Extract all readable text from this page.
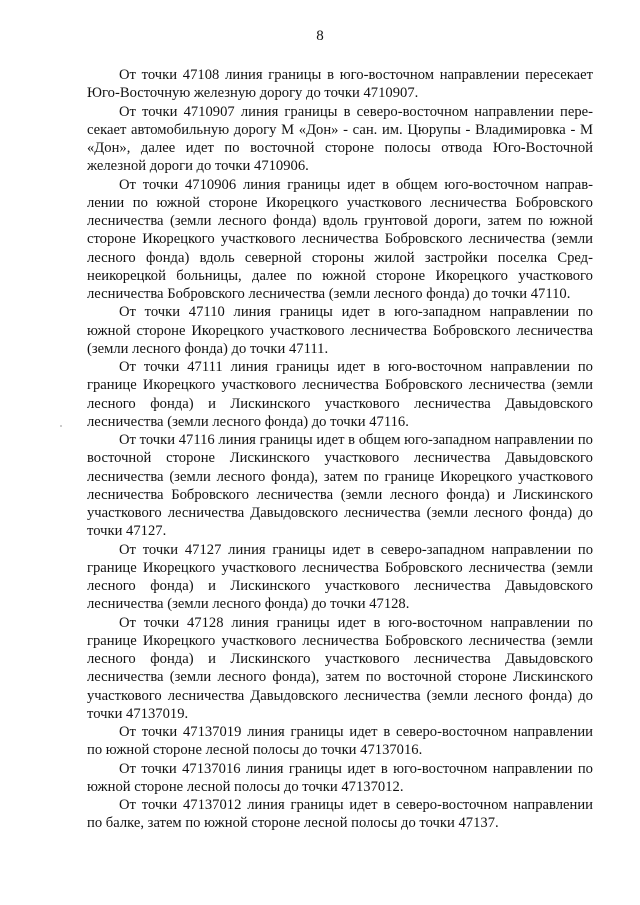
8

От точки 47108 линия границы в юго-восточном направлении пересекает Юго-Восточную железную дорогу до точки 4710907.

От точки 4710907 линия границы в северо-восточном направлении пересекает автомобильную дорогу М «Дон» - сан. им. Цюрупы - Владимировка - М «Дон», далее идет по восточной стороне полосы отвода Юго-Восточной железной дороги до точки 4710906.

От точки 4710906 линия границы идет в общем юго-восточном направлении по южной стороне Икорецкого участкового лесничества Бобровского лесничества (земли лесного фонда) вдоль грунтовой дороги, затем по южной стороне Икорецкого участкового лесничества Бобровского лесничества (земли лесного фонда) вдоль северной стороны жилой застройки поселка Среднеикорецкой больницы, далее по южной стороне Икорецкого участкового лесничества Бобровского лесничества (земли лесного фонда) до точки 47110.

От точки 47110 линия границы идет в юго-западном направлении по южной стороне Икорецкого участкового лесничества Бобровского лесничества (земли лесного фонда) до точки 47111.

От точки 47111 линия границы идет в юго-восточном направлении по границе Икорецкого участкового лесничества Бобровского лесничества (земли лесного фонда) и Лискинского участкового лесничества Давыдовского лесничества (земли лесного фонда) до точки 47116.

От точки 47116 линия границы идет в общем юго-западном направлении по восточной стороне Лискинского участкового лесничества Давыдовского лесничества (земли лесного фонда), затем по границе Икорецкого участкового лесничества Бобровского лесничества (земли лесного фонда) и Лискинского участкового лесничества Давыдовского лесничества (земли лесного фонда) до точки 47127.

От точки 47127 линия границы идет в северо-западном направлении по границе Икорецкого участкового лесничества Бобровского лесничества (земли лесного фонда) и Лискинского участкового лесничества Давыдовского лесничества (земли лесного фонда) до точки 47128.

От точки 47128 линия границы идет в юго-восточном направлении по границе Икорецкого участкового лесничества Бобровского лесничества (земли лесного фонда) и Лискинского участкового лесничества Давыдовского лесничества (земли лесного фонда), затем по восточной стороне Лискинского участкового лесничества Давыдовского лесничества (земли лесного фонда) до точки 47137019.

От точки 47137019 линия границы идет в северо-восточном направлении по южной стороне лесной полосы до точки 47137016.

От точки 47137016 линия границы идет в юго-восточном направлении по южной стороне лесной полосы до точки 47137012.

От точки 47137012 линия границы идет в северо-восточном направлении по балке, затем по южной стороне лесной полосы до точки 47137.
